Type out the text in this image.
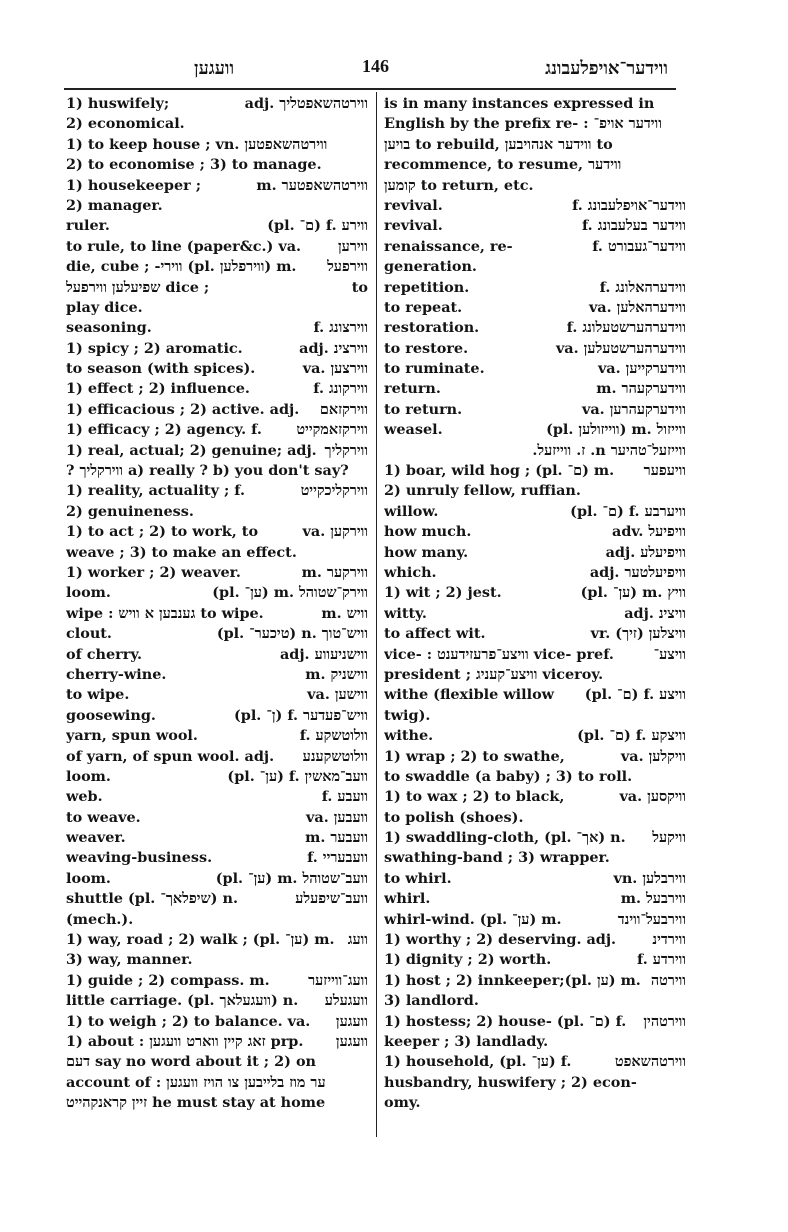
וועגען	146	ווידער־אויפלעבונג
1) huswifely;	adj. ווירטהשאפטליך
2) economical.
1) to keep house ; vn. ווירטהשאפטען
2) to economise ; 3) to manage.
1) housekeeper ;	m. ווירטהשאפטער
2) manager.
ruler.	(pl. ם־) f. ווירע
to rule, to line (paper&c.) va.	ווירען
die, cube ; -ווירי (pl. ווירפלען) m. ווירפעל
שפיעלען ווירפעל dice ;	to
play dice.
seasoning.	f. ווירצונג
1) spicy ; 2) aromatic.	adj. ווירצינ
to season (with spices).	va. ווירצען
1) effect ; 2) influence.	f. ווירקונג
1) efficacious ; 2) active. adj. ווירקזאם
1) efficacy ; 2) agency. f. ווירקזאמקייט
1) real, actual; 2) genuine; adj. ווירקליך
? ווירקליך a) really ? b) you don't say?
1) reality, actuality ; f.	ווירקליכקייט
2) genuineness.
1) to act ; 2) to work, to	va. ווירקען
weave ; 3) to make an effect.
1) worker ; 2) weaver.	m. ווירקער
loom.	(pl. ען־) m. ווירק־שטוהל
wipe : גענבען א וויש to wipe.	m. וויש
clout.	(pl. טיכער־) n. וויש־טוך
of cherry.	adj. ווישניעווע
cherry-wine.	m. ווישניק
to wipe.	va. ווישען
goosewing.	(pl. ן־) f. וויש־פעדער
yarn, spun wool.	f. וולוטשקע
of yarn, of spun wool. adj. וולוטשקענע
loom.	(pl. ען־) f. וועב־מאשין
web.	f. וועבע
to weave.	va. וועבען
weaver.	m. וועבער
weaving-business.	f. וועבעריי
loom.	(pl. ען־) m. וועב־שטוהל
shuttle (pl. שיפלאך־) n.	וועב־שיפעלע
(mech.).
1) way, road ; 2) walk ; (pl. ען־) m. וועג
3) way, manner.
1) guide ; 2) compass. m.	וועג־ווייזער
little carriage. (pl. וועגעלאך) n. וועגעלע
1) to weigh ; 2) to balance. va. וועגען
1) about : זאג קיין ווארט וועגען prp. וועגען
דעם say no word about it ; 2) on
account of : ער מוז בלייבען צו הויז וועגען
זיין קראנקהייט he must stay at home
is in many instances expressed in
English by the prefix re- : ווידער אויפ־
בויען to rebuild, ווידער אנהויבען to
recommence, to resume, ווידער
קומען to return, etc.
revival.	f. ווידער־אויפלעבונג
revival.	f. ווידער בעלעבונג
renaissance, re-	f. ווידער־געבורט
generation.
repetition.	f. ווידערהאלונג
to repeat.	va. ווידערהאלען
restoration.	f. ווידערהערשטעלונג
to restore.	va. ווידערהערשטעלען
to ruminate.	va. ווידערקייען
return.	m. ווידערקעהר
to return.	va. ווידערקעהרען
weasel.	(pl. ווייזולען) m. ווייזול
ווייזעל־טהיער n. ז. ווייזעל.
1) boar, wild hog ; (pl. ם־) m. וויעפער
2) unruly fellow, ruffian.
willow.	(pl. ם־) f. וויערבע
how much.	adv. וויפיעל
how many.	adj. וויפיעלע
which.	adj. וויפיעלטער
1) wit ; 2) jest.	(pl. ען־) m. וויץ
witty.	adj. וויצינ
to affect wit.	vr. (זיך) וויצלען
vice- : וויצע־פרעזידענט vice- pref.	וויצע־
president ; וויצע־קעניג viceroy.
withe (flexible willow (pl. ם־) f. וויצע
twig).
withe.	(pl. ם־) f. וויצקע
1) wrap ; 2) to swathe,	va. וויקלען
to swaddle (a baby) ; 3) to roll.
1) to wax ; 2) to black,	va. וויקסען
to polish (shoes).
1) swaddling-cloth, (pl. אך־) n. וויקעל
swathing-band ; 3) wrapper.
to whirl.	vn. ווירבלען
whirl.	m. ווירבעל
whirl-wind. (pl. ען־) m.	ווירבעל־ווינד
1) worthy ; 2) deserving. adj.	ווירדינ
1) dignity ; 2) worth.	f. ווירדע
1) host ; 2) innkeeper;(pl. ען) m. ווירטה
3) landlord.
1) hostess; 2) house- (pl. ם־) f. ווירטהין
keeper ; 3) landlady.
1) household, (pl. ען־) f.	ווירטהשאפט
husbandry, huswifery ; 2) econ-
omy.
